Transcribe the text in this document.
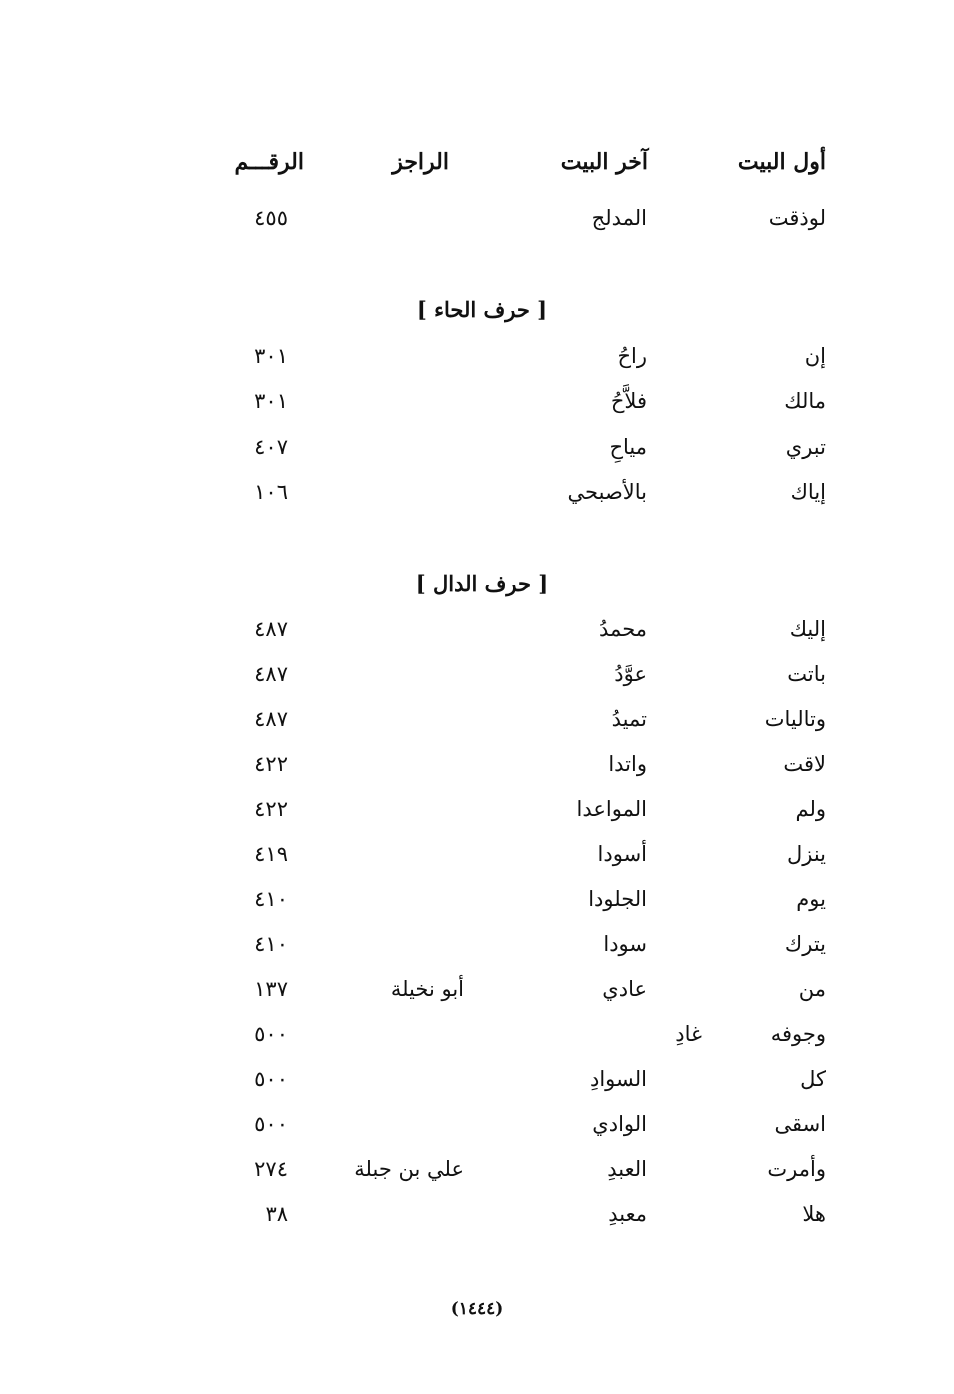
أول البيت
آخر البيت
الراجز
الرقـــم
لوذقت
المدلج
٤٥٥
[ حرف الحاء ]
إن
راحُ
٣٠١
مالك
فلاَّحُ
٣٠١
تبري
مياحِ
٤٠٧
إياك
بالأصبحي
١٠٦
[ حرف الدال ]
إليك
محمدُ
٤٨٧
باتت
عوَّدُ
٤٨٧
وتاليات
تميدُ
٤٨٧
لاقت
واتدا
٤٢٢
ولم
المواعدا
٤٢٢
ينزل
أسودا
٤١٩
يوم
الجلودا
٤١٠
يترك
سودا
٤١٠
من
عادي
أبو نخيلة
١٣٧
وجوفه
غادِ
٥٠٠
كل
السوادِ
٥٠٠
اسقى
الوادي
٥٠٠
وأمرت
العبدِ
علي بن جبلة
٢٧٤
هلا
معبدِ
٣٨
(١٤٤٤)
